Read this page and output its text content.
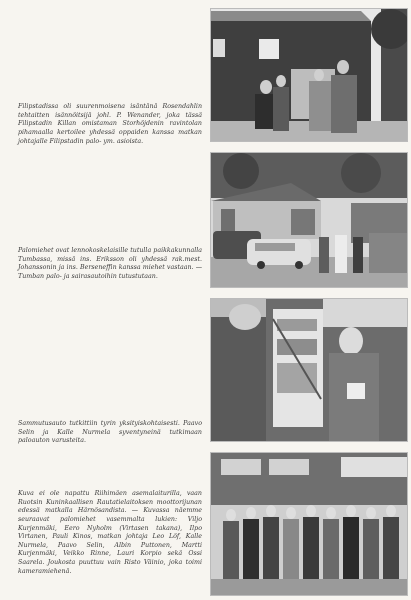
Filipstadissa oli suurenmoisena isäntänä Rosendahlin tehtaitten isännöitsijä johl. P. Wenander, joka tässä Filipstadin Killan omistaman Storhöjdenin ravintolan pihamaalla kertoilee yhdessä oppaiden kanssa matkan johtajalle Filipstadin palo- ym. asioista.

Palomiehet ovat lennokoskelaisille tutulla paikkakunnalla Tumbassa, missä ins. Eriksson oli yhdessä rak.mest. Johanssonin ja ins. Berseneffin kanssa miehet vastaan. — Tumban palo- ja sairasautoihin tutustutaan.

Sammutusauto tutkittiin tyrin yksityiskohtaisesti. Paavo Selin ja Kalle Nurmela syventyneinä tutkimaan paloauton varusteita.

Kuva ei ole napattu Riihimäen asemalaiturilla, vaan Ruotsin Kuninkaallisen Rautatielaitoksen moottorijunan edessä matkalla Härnösandista. — Kuvassa näemme seuraavat palomiehet vasemmalta lukien: Viljo Kurjenmäki, Eero Nyholm (Virtasen takana), Ilpo Virtanen, Pauli Kinos, matkan johtaja Leo Löf, Kalle Nurmela, Paavo Selin, Albin Puttonen, Martti Kurjenmäki, Veikko Rinne, Lauri Korpio sekä Ossi Saarela. Joukosta puuttuu vain Risto Väinio, joka toimi kameramiehenä.
